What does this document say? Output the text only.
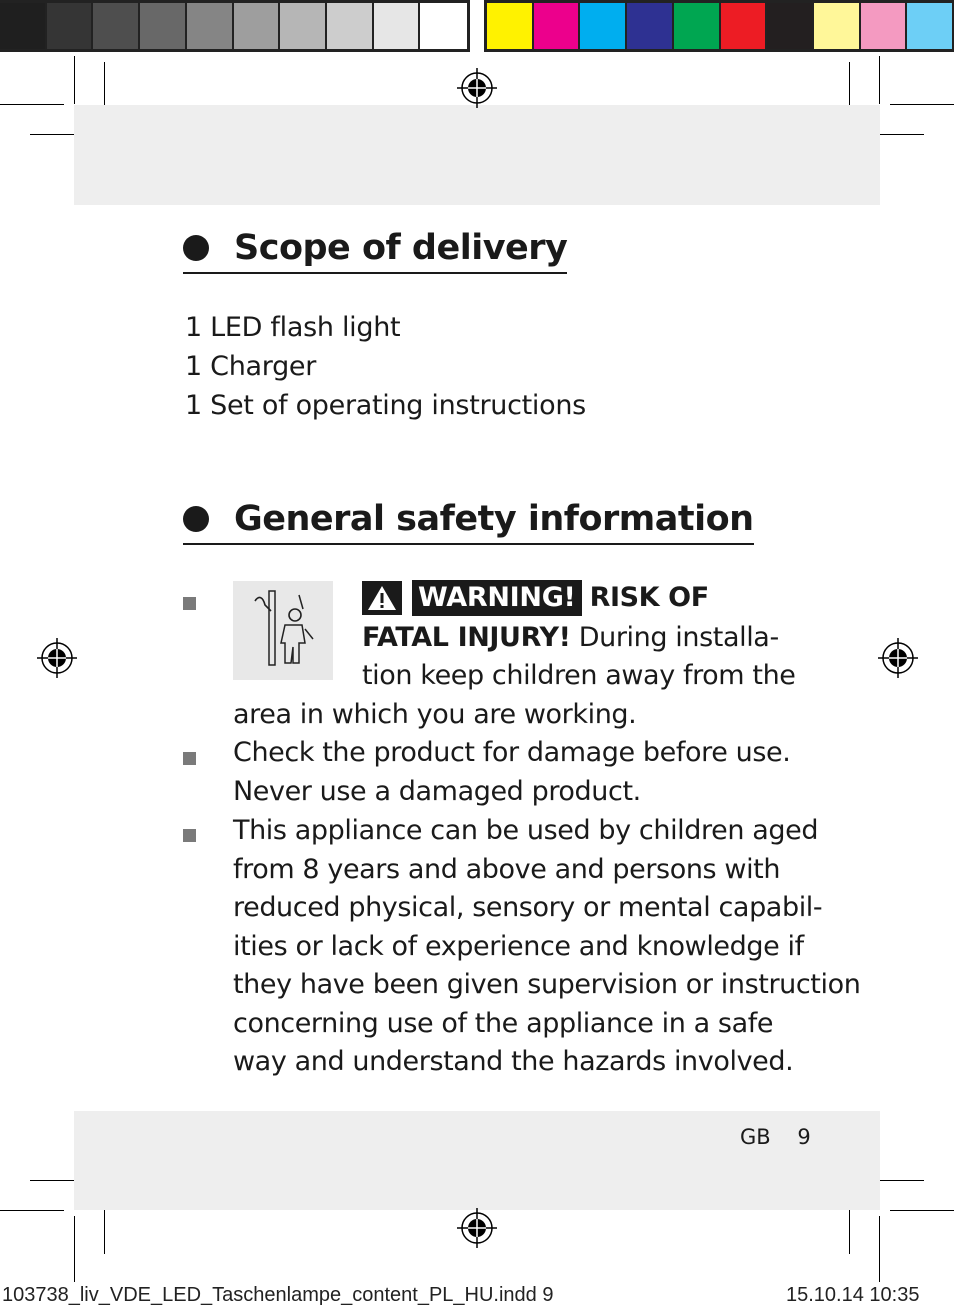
Scope of delivery
1 LED flash light
1 Charger
1 Set of operating instructions
General safety information
WARNING! RISK OF
FATAL INJURY! During installa-
tion keep children away from the
area in which you are working.
Check the product for damage before use.
Never use a damaged product.
This appliance can be used by children aged
from 8 years and above and persons with
reduced physical, sensory or mental capabil-
ities or lack of experience and knowledge if
they have been given supervision or instruction
concerning use of the appliance in a safe
way and understand the hazards involved.
GB 9
103738_liv_VDE_LED_Taschenlampe_content_PL_HU.indd 9	15.10.14 10:35
